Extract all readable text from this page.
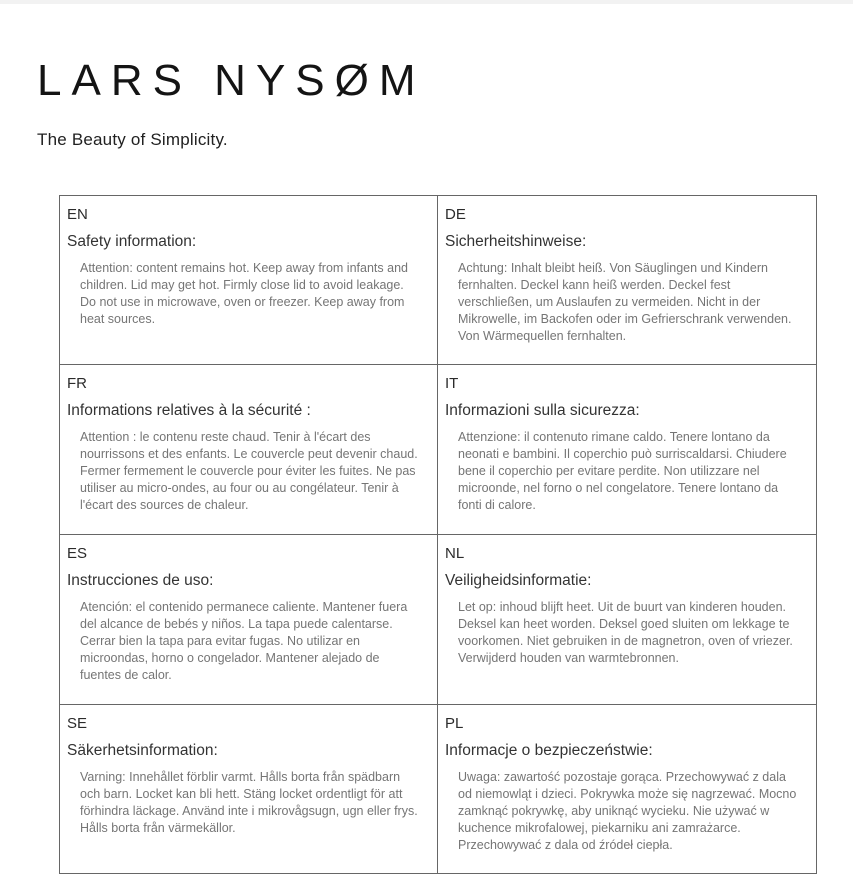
LARS NYSØM
The Beauty of Simplicity.
EN
Safety information:

Attention: content remains hot. Keep away from infants and children. Lid may get hot. Firmly close lid to avoid leakage. Do not use in microwave, oven or freezer. Keep away from heat sources.

DE
Sicherheitshinweise:

Achtung: Inhalt bleibt heiß. Von Säuglingen und Kindern fernhalten. Deckel kann heiß werden. Deckel fest verschließen, um Auslaufen zu vermeiden. Nicht in der Mikrowelle, im Backofen oder im Gefrierschrank verwenden. Von Wärmequellen fernhalten.

FR
Informations relatives à la sécurité :

Attention : le contenu reste chaud. Tenir à l'écart des nourrissons et des enfants. Le couvercle peut devenir chaud. Fermer fermement le couvercle pour éviter les fuites. Ne pas utiliser au micro-ondes, au four ou au congélateur. Tenir à l'écart des sources de chaleur.

IT
Informazioni sulla sicurezza:

Attenzione: il contenuto rimane caldo. Tenere lontano da neonati e bambini. Il coperchio può surriscaldarsi. Chiudere bene il coperchio per evitare perdite. Non utilizzare nel microonde, nel forno o nel congelatore. Tenere lontano da fonti di calore.

ES
Instrucciones de uso:

Atención: el contenido permanece caliente. Mantener fuera del alcance de bebés y niños. La tapa puede calentarse. Cerrar bien la tapa para evitar fugas. No utilizar en microondas, horno o congelador. Mantener alejado de fuentes de calor.

NL
Veiligheidsinformatie:

Let op: inhoud blijft heet. Uit de buurt van kinderen houden. Deksel kan heet worden. Deksel goed sluiten om lekkage te voorkomen. Niet gebruiken in de magnetron, oven of vriezer. Verwijderd houden van warmtebronnen.

SE
Säkerhetsinformation:

Varning: Innehållet förblir varmt. Hålls borta från spädbarn och barn. Locket kan bli hett. Stäng locket ordentligt för att förhindra läckage. Använd inte i mikrovågsugn, ugn eller frys. Hålls borta från värmekällor.

PL
Informacje o bezpieczeństwie:

Uwaga: zawartość pozostaje gorąca. Przechowywać z dala od niemowląt i dzieci. Pokrywka może się nagrzewać. Mocno zamknąć pokrywkę, aby uniknąć wycieku. Nie używać w kuchence mikrofalowej, piekarniku ani zamrażarce. Przechowywać z dala od źródeł ciepła.
